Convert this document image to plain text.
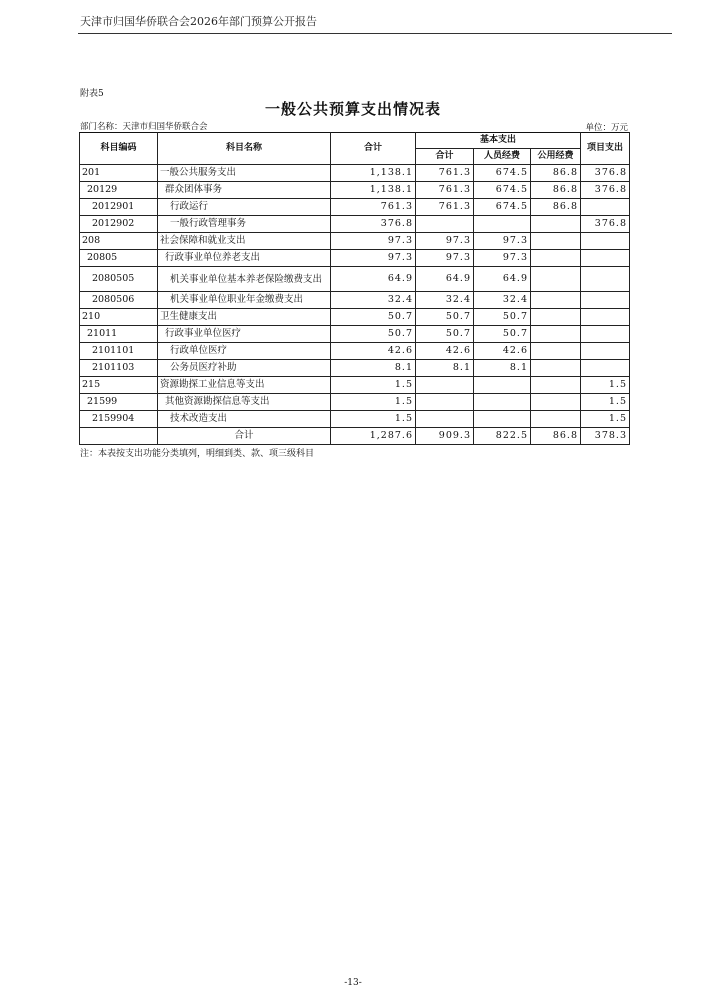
天津市归国华侨联合会2026年部门预算公开报告
附表5
一般公共预算支出情况表
部门名称：天津市归国华侨联合会	单位：万元
科目编码	科目名称	合计	基本支出			项目支出
			合计	人员经费	公用经费	
201	一般公共服务支出	1,138.1	761.3	674.5	86.8	376.8
20129	群众团体事务	1,138.1	761.3	674.5	86.8	376.8
2012901	行政运行	761.3	761.3	674.5	86.8	
2012902	一般行政管理事务	376.8				376.8
208	社会保障和就业支出	97.3	97.3	97.3		
20805	行政事业单位养老支出	97.3	97.3	97.3		
2080505	机关事业单位基本养老保险缴费支出	64.9	64.9	64.9		
2080506	机关事业单位职业年金缴费支出	32.4	32.4	32.4		
210	卫生健康支出	50.7	50.7	50.7		
21011	行政事业单位医疗	50.7	50.7	50.7		
2101101	行政单位医疗	42.6	42.6	42.6		
2101103	公务员医疗补助	8.1	8.1	8.1		
215	资源勘探工业信息等支出	1.5				1.5
21599	其他资源勘探信息等支出	1.5				1.5
2159904	技术改造支出	1.5				1.5
	合计	1,287.6	909.3	822.5	86.8	378.3
注：本表按支出功能分类填列，明细到类、款、项三级科目
-13-
